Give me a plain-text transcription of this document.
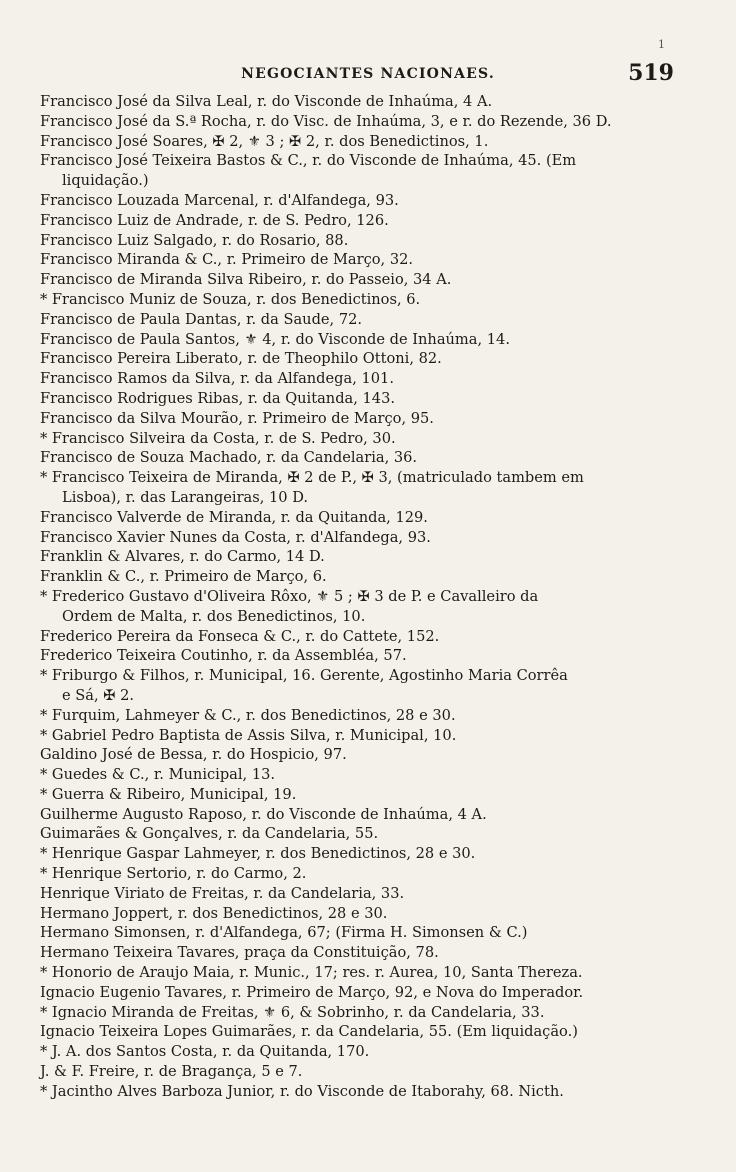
1
NEGOCIANTES NACIONAES.	519
Francisco José da Silva Leal, r. do Visconde de Inhaúma, 4 A.
Francisco José da S.ª Rocha, r. do Visc. de Inhaúma, 3, e r. do Rezende, 36 D.
Francisco José Soares, ✠ 2, ⚜ 3 ; ✠ 2, r. dos Benedictinos, 1.
Francisco José Teixeira Bastos & C., r. do Visconde de Inhaúma, 45. (Em
liquidação.)
Francisco Louzada Marcenal, r. d'Alfandega, 93.
Francisco Luiz de Andrade, r. de S. Pedro, 126.
Francisco Luiz Salgado, r. do Rosario, 88.
Francisco Miranda & C., r. Primeiro de Março, 32.
Francisco de Miranda Silva Ribeiro, r. do Passeio, 34 A.
* Francisco Muniz de Souza, r. dos Benedictinos, 6.
Francisco de Paula Dantas, r. da Saude, 72.
Francisco de Paula Santos, ⚜ 4, r. do Visconde de Inhaúma, 14.
Francisco Pereira Liberato, r. de Theophilo Ottoni, 82.
Francisco Ramos da Silva, r. da Alfandega, 101.
Francisco Rodrigues Ribas, r. da Quitanda, 143.
Francisco da Silva Mourão, r. Primeiro de Março, 95.
* Francisco Silveira da Costa, r. de S. Pedro, 30.
Francisco de Souza Machado, r. da Candelaria, 36.
* Francisco Teixeira de Miranda, ✠ 2 de P., ✠ 3, (matriculado tambem em
Lisboa), r. das Larangeiras, 10 D.
Francisco Valverde de Miranda, r. da Quitanda, 129.
Francisco Xavier Nunes da Costa, r. d'Alfandega, 93.
Franklin & Alvares, r. do Carmo, 14 D.
Franklin & C., r. Primeiro de Março, 6.
* Frederico Gustavo d'Oliveira Rôxo, ⚜ 5 ; ✠ 3 de P. e Cavalleiro da
Ordem de Malta, r. dos Benedictinos, 10.
Frederico Pereira da Fonseca & C., r. do Cattete, 152.
Frederico Teixeira Coutinho, r. da Assembléa, 57.
* Friburgo & Filhos, r. Municipal, 16. Gerente, Agostinho Maria Corrêa
e Sá, ✠ 2.
* Furquim, Lahmeyer & C., r. dos Benedictinos, 28 e 30.
* Gabriel Pedro Baptista de Assis Silva, r. Municipal, 10.
Galdino José de Bessa, r. do Hospicio, 97.
* Guedes & C., r. Municipal, 13.
* Guerra & Ribeiro, Municipal, 19.
Guilherme Augusto Raposo, r. do Visconde de Inhaúma, 4 A.
Guimarães & Gonçalves, r. da Candelaria, 55.
* Henrique Gaspar Lahmeyer, r. dos Benedictinos, 28 e 30.
* Henrique Sertorio, r. do Carmo, 2.
Henrique Viriato de Freitas, r. da Candelaria, 33.
Hermano Joppert, r. dos Benedictinos, 28 e 30.
Hermano Simonsen, r. d'Alfandega, 67; (Firma H. Simonsen & C.)
Hermano Teixeira Tavares, praça da Constituição, 78.
* Honorio de Araujo Maia, r. Munic., 17; res. r. Aurea, 10, Santa Thereza.
Ignacio Eugenio Tavares, r. Primeiro de Março, 92, e Nova do Imperador.
* Ignacio Miranda de Freitas, ⚜ 6, & Sobrinho, r. da Candelaria, 33.
Ignacio Teixeira Lopes Guimarães, r. da Candelaria, 55. (Em liquidação.)
* J. A. dos Santos Costa, r. da Quitanda, 170.
J. & F. Freire, r. de Bragança, 5 e 7.
* Jacintho Alves Barboza Junior, r. do Visconde de Itaborahy, 68. Nicth.
